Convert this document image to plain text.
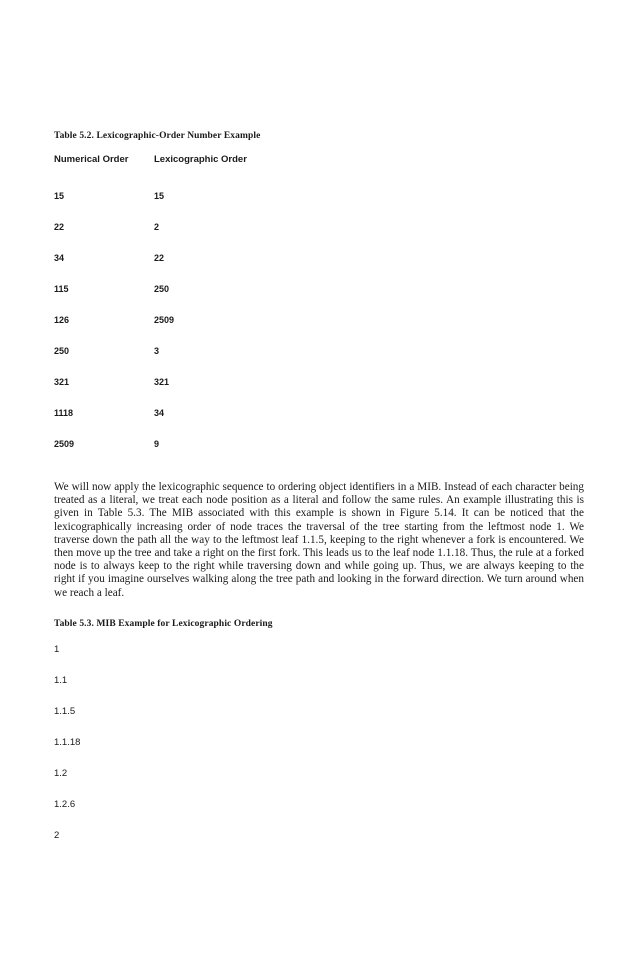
Table 5.2. Lexicographic-Order Number Example
Numerical Order	Lexicographic Order
15	15
22	2
34	22
115	250
126	2509
250	3
321	321
1118	34
2509	9

We will now apply the lexicographic sequence to ordering object identifiers in a MIB. Instead of each character being treated as a literal, we treat each node position as a literal and follow the same rules. An example illustrating this is given in Table 5.3. The MIB associated with this example is shown in Figure 5.14. It can be noticed that the lexicographically increasing order of node traces the traversal of the tree starting from the leftmost node 1. We traverse down the path all the way to the leftmost leaf 1.1.5, keeping to the right whenever a fork is encountered. We then move up the tree and take a right on the first fork. This leads us to the leaf node 1.1.18. Thus, the rule at a forked node is to always keep to the right while traversing down and while going up. Thus, we are always keeping to the right if you imagine ourselves walking along the tree path and looking in the forward direction. We turn around when we reach a leaf.

Table 5.3. MIB Example for Lexicographic Ordering
1
1.1
1.1.5
1.1.18
1.2
1.2.6
2
